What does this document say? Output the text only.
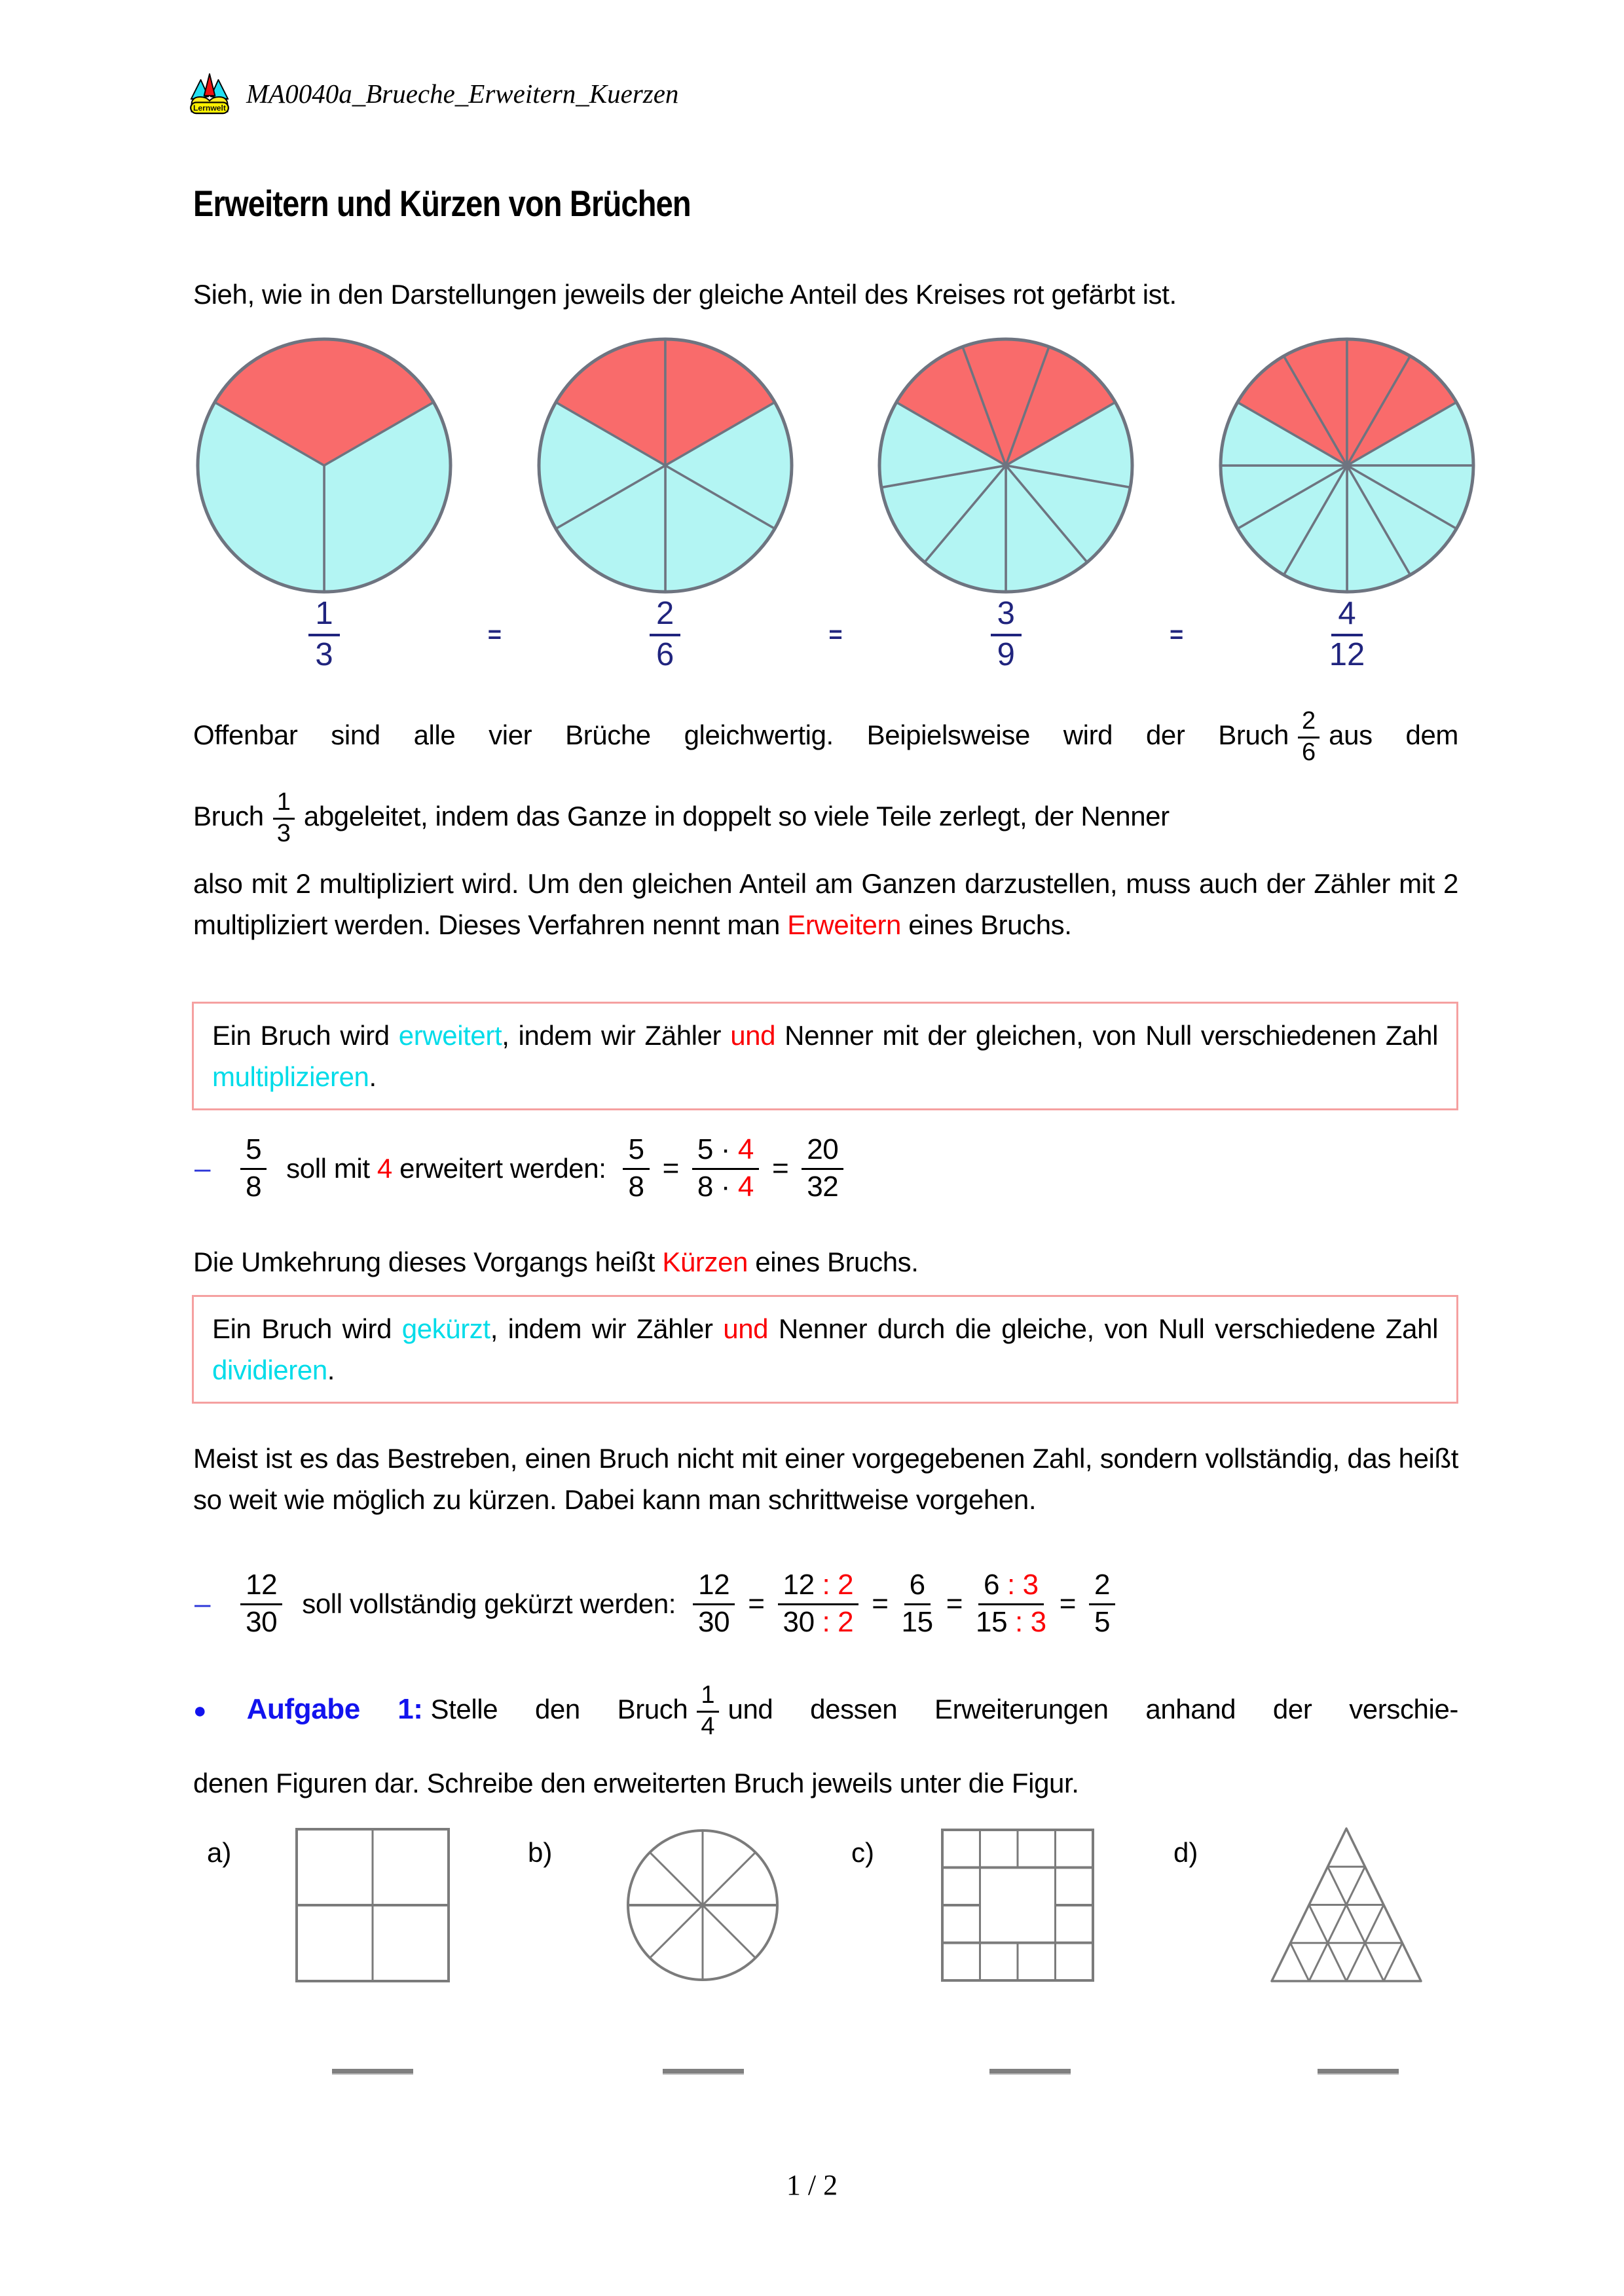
Lernwelt MA0040a_Brueche_Erweitern_Kuerzen
Erweitern und Kürzen von Brüchen
Sieh, wie in den Darstellungen jeweils der gleiche Anteil des Kreises rot gefärbt ist.
1
3
=
2
6
=
3
9
=
4
12
Offenbar sind alle vier Brüche gleichwertig. Beipielsweise wird der Bruch $\frac{2}{6}$ aus dem
Bruch $\frac{1}{3}$ abgeleitet, indem das Ganze in doppelt so viele Teile zerlegt, der Nenner
also mit 2 multipliziert wird. Um den gleichen Anteil am Ganzen darzustellen, muss auch der Zähler mit 2 multipliziert werden. Dieses Verfahren nennt man Erweitern eines Bruchs.
Ein Bruch wird erweitert, indem wir Zähler und Nenner mit der gleichen, von Null verschiedenen Zahl multiplizieren.
–
5
8
soll mit 4 erweitert werden: $\frac{5}{8} = \frac{5 \cdot 4}{8 \cdot 4} = \frac{20}{32}$
Die Umkehrung dieses Vorgangs heißt Kürzen eines Bruchs.
Ein Bruch wird gekürzt, indem wir Zähler und Nenner durch die gleiche, von Null verschiedene Zahl dividieren.
Meist ist es das Bestreben, einen Bruch nicht mit einer vorgegebenen Zahl, sondern vollständig, das heißt so weit wie möglich zu kürzen. Dabei kann man schrittweise vorgehen.
–
12
30
soll vollständig gekürzt werden: $\frac{12}{30} = \frac{12 : 2}{30 : 2} = \frac{6}{15} = \frac{6 : 3}{15 : 3} = \frac{2}{5}$
● Aufgabe 1: Stelle den Bruch $\frac{1}{4}$ und dessen Erweiterungen anhand der verschie-
denen Figuren dar. Schreibe den erweiterten Bruch jeweils unter die Figur.
a)	b)	c)	d)
1 / 2
